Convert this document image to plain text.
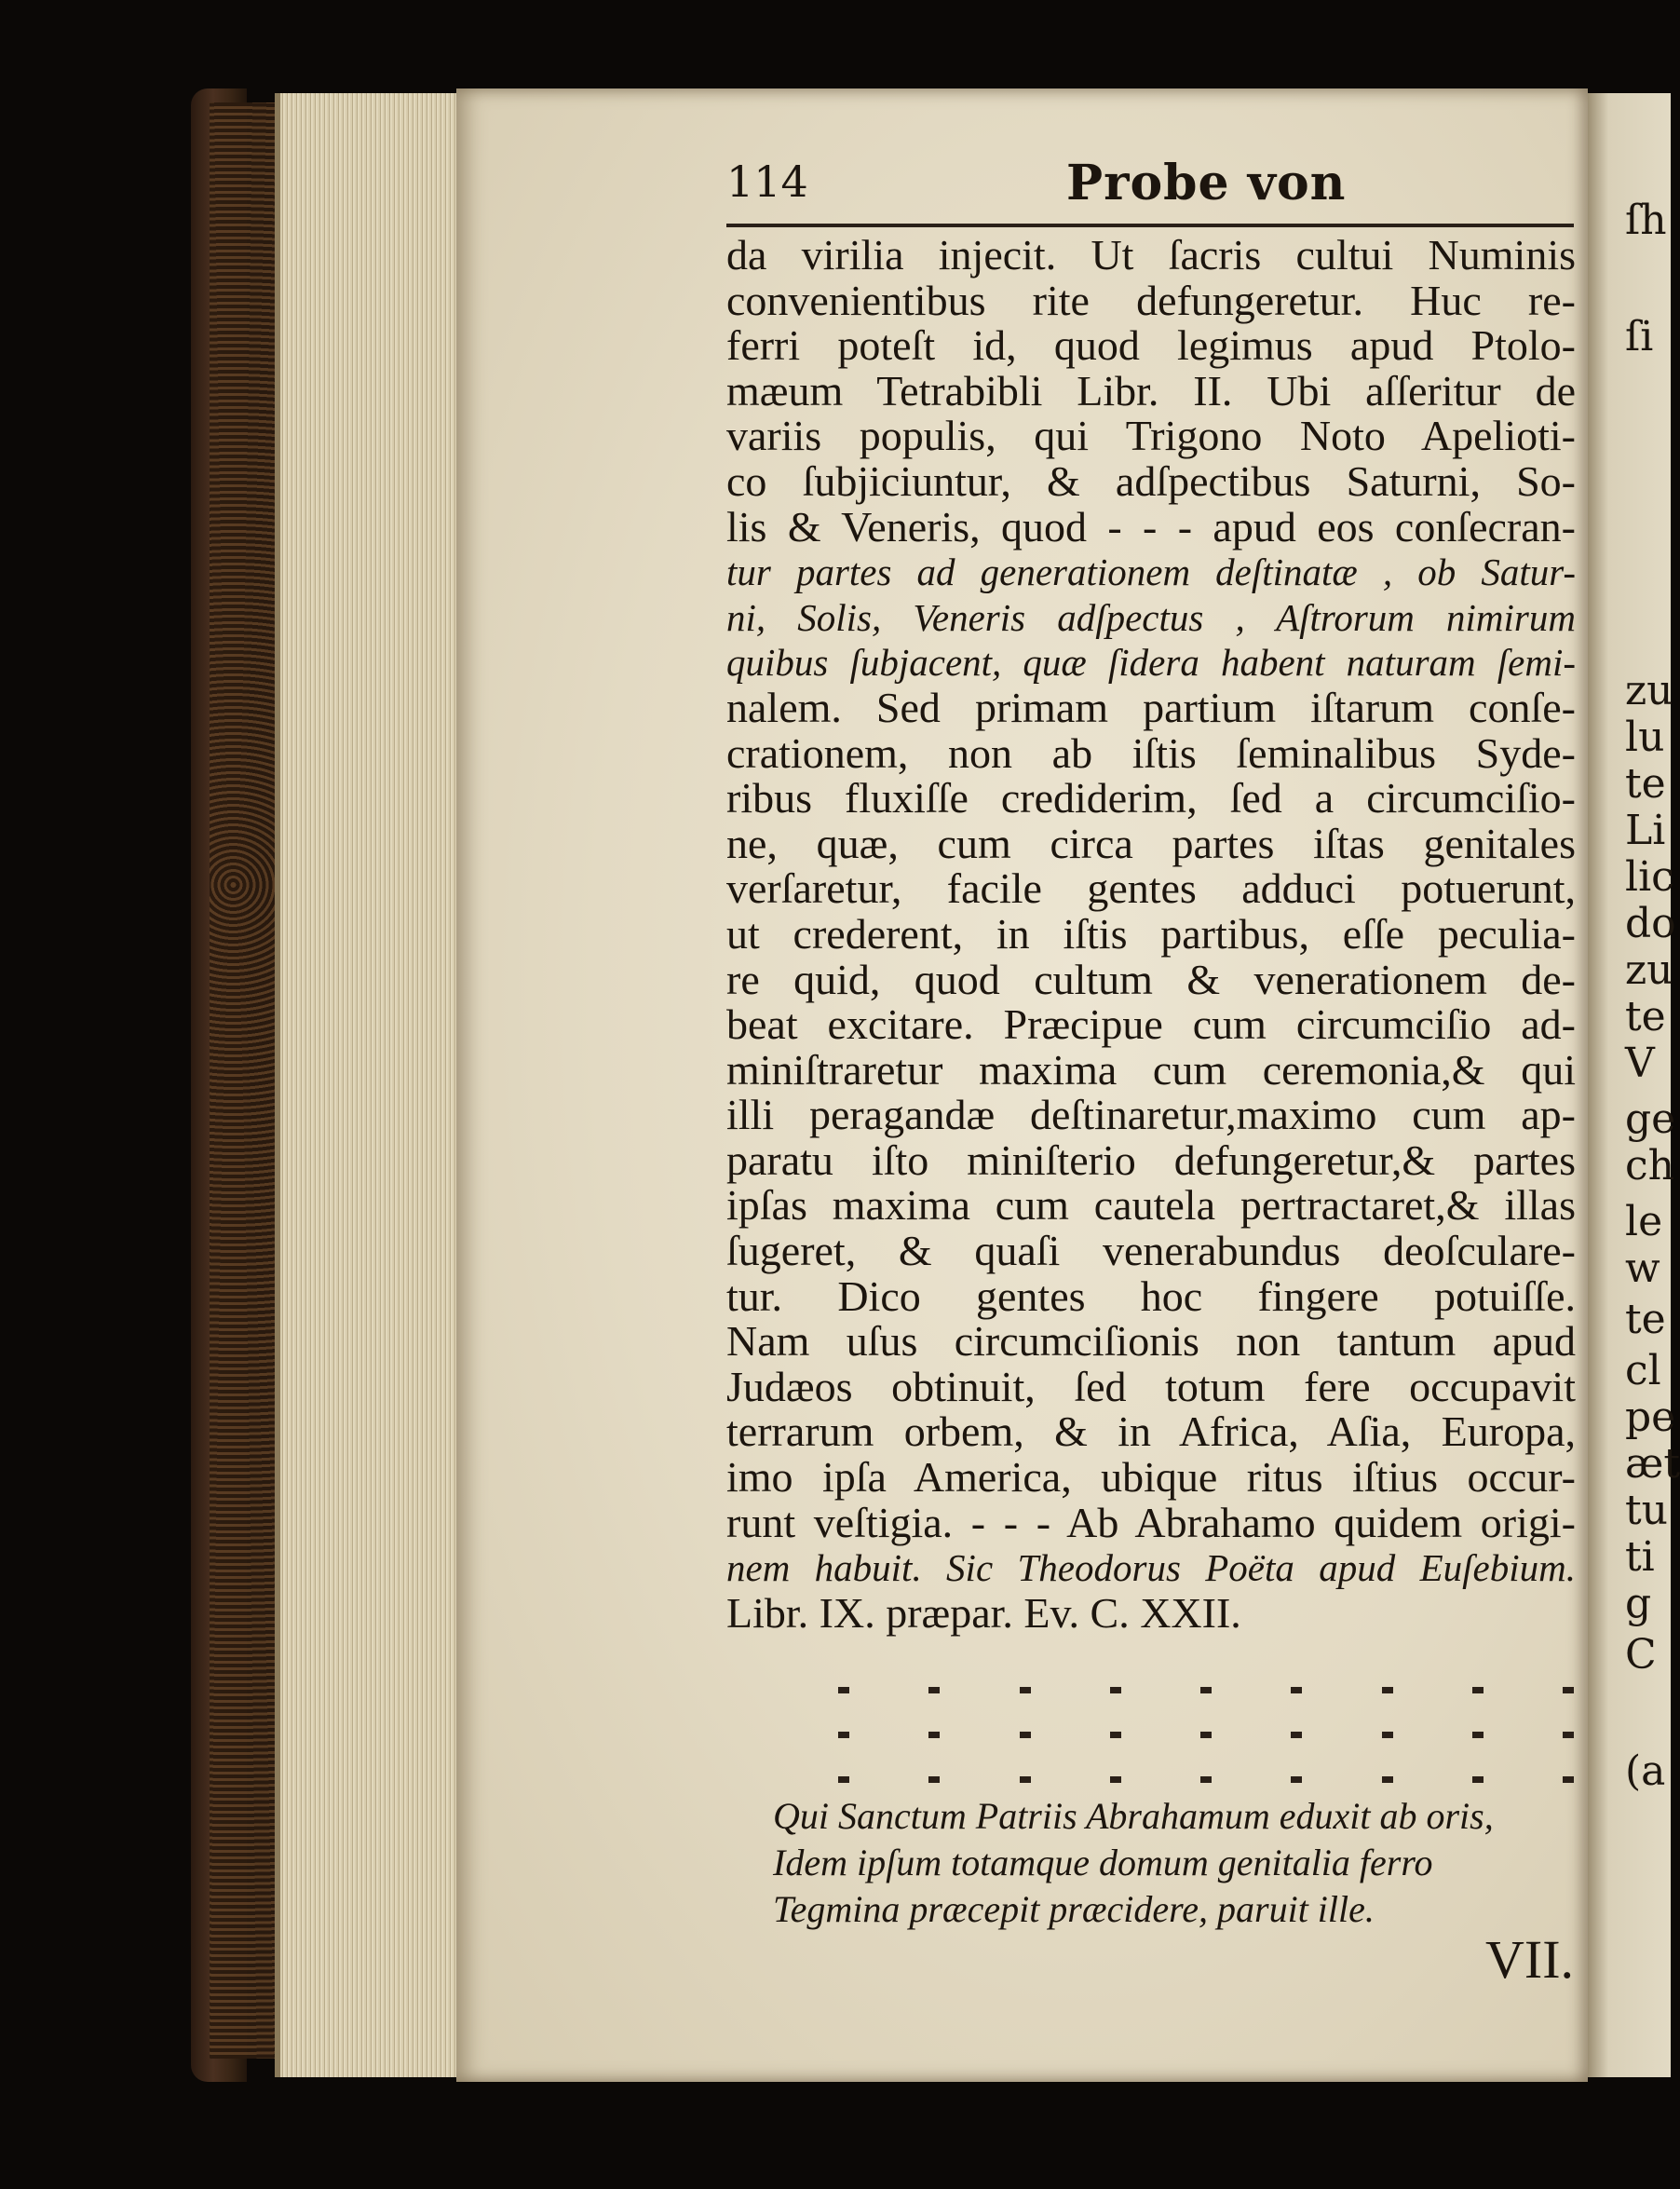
ſh
ſi
zu
lu
te
Li
lic
do
zu
te
V
ge
ch
le
w
te
cl
pe
æt
tu
ti
g
C
(a
114	Probe von
da virilia injecit. Ut ſacris cultui Numinis
convenientibus rite defungeretur. Huc re-
ferri poteſt id, quod legimus apud Ptolo-
mæum Tetrabibli Libr. II. Ubi aſſeritur de
variis populis, qui Trigono Noto Apelioti-
co ſubjiciuntur, & adſpectibus Saturni, So-
lis & Veneris, quod - - - apud eos conſecran-
tur partes ad generationem deſtinatæ , ob Satur-
ni, Solis, Veneris adſpectus , Aſtrorum nimirum
quibus ſubjacent, quæ ſidera habent naturam ſemi-
nalem. Sed primam partium iſtarum conſe-
crationem, non ab iſtis ſeminalibus Syde-
ribus fluxiſſe crediderim, ſed a circumciſio-
ne, quæ, cum circa partes iſtas genitales
verſaretur, facile gentes adduci potuerunt,
ut crederent, in iſtis partibus, eſſe peculia-
re quid, quod cultum & venerationem de-
beat excitare. Præcipue cum circumciſio ad-
miniſtraretur maxima cum ceremonia,& qui
illi peragandæ deſtinaretur,maximo cum ap-
paratu iſto miniſterio defungeretur,& partes
ipſas maxima cum cautela pertractaret,& illas
ſugeret, & quaſi venerabundus deoſculare-
tur. Dico gentes hoc fingere potuiſſe.
Nam uſus circumciſionis non tantum apud
Judæos obtinuit, ſed totum fere occupavit
terrarum orbem, & in Africa, Aſia, Europa,
imo ipſa America, ubique ritus iſtius occur-
runt veſtigia. - - - Ab Abrahamo quidem origi-
nem habuit. Sic Theodorus Poëta apud Euſebium.
Libr. IX. præpar. Ev. C. XXII.
Qui Sanctum Patriis Abrahamum eduxit ab oris,
Idem ipſum totamque domum genitalia ferro
Tegmina præcepit præcidere, paruit ille.
VII.
